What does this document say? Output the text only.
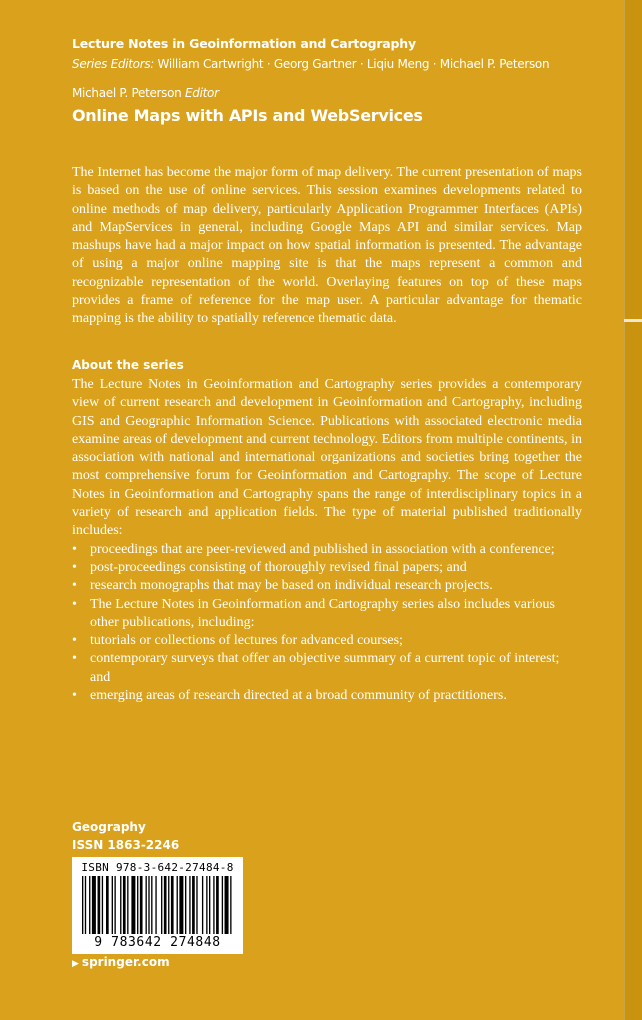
Lecture Notes in Geoinformation and Cartography
Series Editors: William Cartwright · Georg Gartner · Liqiu Meng · Michael P. Peterson
Michael P. Peterson Editor
Online Maps with APIs and WebServices
The Internet has become the major form of map delivery. The current presentation of maps is based on the use of online services. This session examines developments related to online methods of map delivery, particularly Application Programmer Interfaces (APIs) and MapServices in general, including Google Maps API and similar services. Map mashups have had a major impact on how spatial information is presented. The advantage of using a major online mapping site is that the maps represent a common and recognizable representation of the world. Overlaying features on top of these maps provides a frame of reference for the map user. A particular advantage for thematic mapping is the ability to spatially reference thematic data.
About the series

The Lecture Notes in Geoinformation and Cartography series provides a contemporary view of current research and development in Geoinformation and Cartography, including GIS and Geographic Information Science. Publications with associated electronic media examine areas of development and current technology. Editors from multiple continents, in association with national and international organizations and societies bring together the most comprehensive forum for Geoinformation and Cartography. The scope of Lecture Notes in Geoinformation and Cartography spans the range of interdisciplinary topics in a variety of research and application fields. The type of material published traditionally includes:

• proceedings that are peer-reviewed and published in association with a conference;
• post-proceedings consisting of thoroughly revised final papers; and
• research monographs that may be based on individual research projects.
• The Lecture Notes in Geoinformation and Cartography series also includes various other publications, including:
• tutorials or collections of lectures for advanced courses;
• contemporary surveys that offer an objective summary of a current topic of interest; and
• emerging areas of research directed at a broad community of practitioners.
Geography
ISSN 1863-2246
ISBN 978-3-642-27484-8
9 783642 274848
▶ springer.com
